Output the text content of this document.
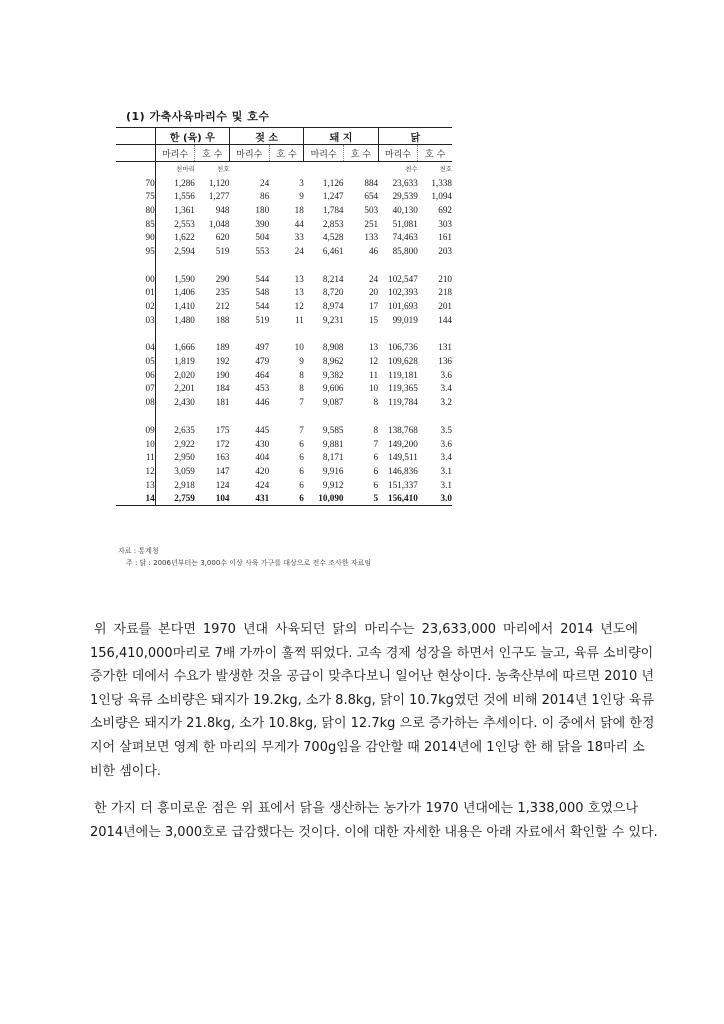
(1) 가축사육마리수 및 호수
	한 (육) 우		젖 소		돼 지		닭	
	마리수	호 수	마리수	호 수	마리수	호 수	마리수	호 수
	천마리	천호					천수	천호
70	1,286	1,120	24	3	1,126	884	23,633	1,338
75	1,556	1,277	86	9	1,247	654	29,539	1,094
80	1,361	948	180	18	1,784	503	40,130	692
85	2,553	1,048	390	44	2,853	251	51,081	303
90	1,622	620	504	33	4,528	133	74,463	161
95	2,594	519	553	24	6,461	46	85,800	203

00	1,590	290	544	13	8,214	24	102,547	210
01	1,406	235	548	13	8,720	20	102,393	218
02	1,410	212	544	12	8,974	17	101,693	201
03	1,480	188	519	11	9,231	15	99,019	144

04	1,666	189	497	10	8,908	13	106,736	131
05	1,819	192	479	9	8,962	12	109,628	136
06	2,020	190	464	8	9,382	11	119,181	3.6
07	2,201	184	453	8	9,606	10	119,365	3.4
08	2,430	181	446	7	9,087	8	119,784	3.2

09	2,635	175	445	7	9,585	8	138,768	3.5
10	2,922	172	430	6	9,881	7	149,200	3.6
11	2,950	163	404	6	8,171	6	149,511	3.4
12	3,059	147	420	6	9,916	6	146,836	3.1
13	2,918	124	424	6	9,912	6	151,337	3.1
14	2,759	104	431	6	10,090	5	156,410	3.0
자료 : 통계청
주 : 닭 : 2006년부터는 3,000수 이상 사육 가구를 대상으로 전수 조사한 자료임
위 자료를 본다면 1970 년대 사육되던 닭의 마리수는 23,633,000 마리에서 2014 년도에
156,410,000마리로 7배 가까이 훌쩍 뛰었다. 고속 경제 성장을 하면서 인구도 늘고, 육류 소비량이
증가한 데에서 수요가 발생한 것을 공급이 맞추다보니 일어난 현상이다. 농축산부에 따르면 2010 년
1인당 육류 소비량은 돼지가 19.2kg, 소가 8.8kg, 닭이 10.7kg였던 것에 비해 2014년 1인당 육류
소비량은 돼지가 21.8kg, 소가 10.8kg, 닭이 12.7kg 으로 증가하는 추세이다. 이 중에서 닭에 한정
지어 살펴보면 영계 한 마리의 무게가 700g임을 감안할 때 2014년에 1인당 한 해 닭을 18마리 소
비한 셈이다.
한 가지 더 흥미로운 점은 위 표에서 닭을 생산하는 농가가 1970 년대에는 1,338,000 호였으나
2014년에는 3,000호로 급감했다는 것이다. 이에 대한 자세한 내용은 아래 자료에서 확인할 수 있다.
